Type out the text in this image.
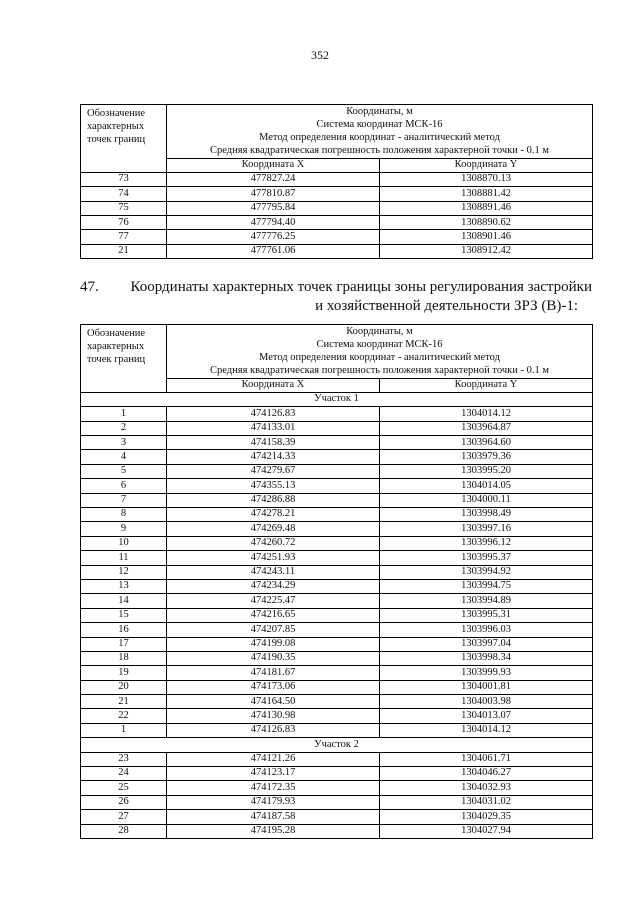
352
Обозначение характерных точек границ	Координаты, м
Система координат МСК-16
Метод определения координат - аналитический метод
Средняя квадратическая погрешность положения характерной точки - 0.1 м	

	Координата X	Координата Y
73	477827.24	1308870.13
74	477810.87	1308881.42
75	477795.84	1308891.46
76	477794.40	1308890.62
77	477776.25	1308901.46
21	477761.06	1308912.42
47.	Координаты характерных точек границы зоны регулирования застройки
и хозяйственной деятельности ЗРЗ (В)-1:
Обозначение характерных точек границ	Координаты, м
Система координат МСК-16
Метод определения координат - аналитический метод
Средняя квадратическая погрешность положения характерной точки - 0.1 м	

	Координата X	Координата Y
Участок 1		
1	474126.83	1304014.12
2	474133.01	1303964.87
3	474158.39	1303964.60
4	474214.33	1303979.36
5	474279.67	1303995.20
6	474355.13	1304014.05
7	474286.88	1304000.11
8	474278.21	1303998.49
9	474269.48	1303997.16
10	474260.72	1303996.12
11	474251.93	1303995.37
12	474243.11	1303994.92
13	474234.29	1303994.75
14	474225.47	1303994.89
15	474216.65	1303995.31
16	474207.85	1303996.03
17	474199.08	1303997.04
18	474190.35	1303998.34
19	474181.67	1303999.93
20	474173.06	1304001.81
21	474164.50	1304003.98
22	474130.98	1304013.07
1	474126.83	1304014.12
Участок 2		
23	474121.26	1304061.71
24	474123.17	1304046.27
25	474172.35	1304032.93
26	474179.93	1304031.02
27	474187.58	1304029.35
28	474195.28	1304027.94
